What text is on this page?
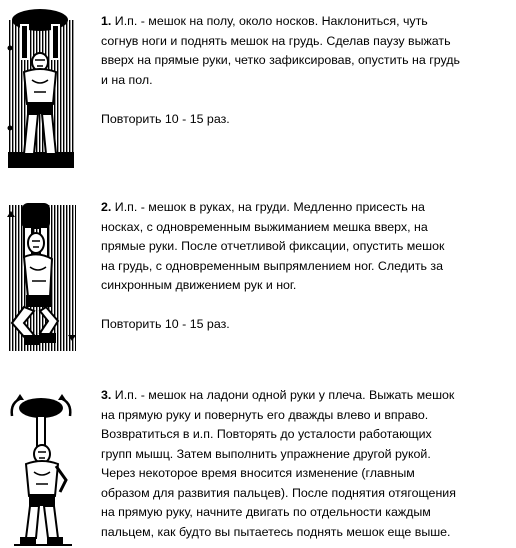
1. И.п. - мешок на полу, около носков. Наклониться, чуть

согнув ноги и поднять мешок на грудь. Сделав паузу выжать

вверх на прямые руки, четко зафиксировав, опустить на грудь

и на пол.

Повторить 10 - 15 раз.

2. И.п. - мешок в руках, на груди. Медленно присесть на

носках, с одновременным выжиманием мешка вверх, на

прямые руки. После отчетливой фиксации, опустить мешок

на грудь, с одновременным выпрямлением ног. Следить за

синхронным движением рук и ног.

Повторить 10 - 15 раз.

3. И.п. - мешок на ладони одной руки у плеча. Выжать мешок

на прямую руку и повернуть его дважды влево и вправо.

Возвратиться в и.п. Повторять до усталости работающих

групп мышц. Затем выполнить упражнение другой рукой.

Через некоторое время вносится изменение (главным

образом для развития пальцев). После поднятия отягощения

на прямую руку, начните двигать по отдельности каждым

пальцем, как будто вы пытаетесь поднять мешок еще выше.
